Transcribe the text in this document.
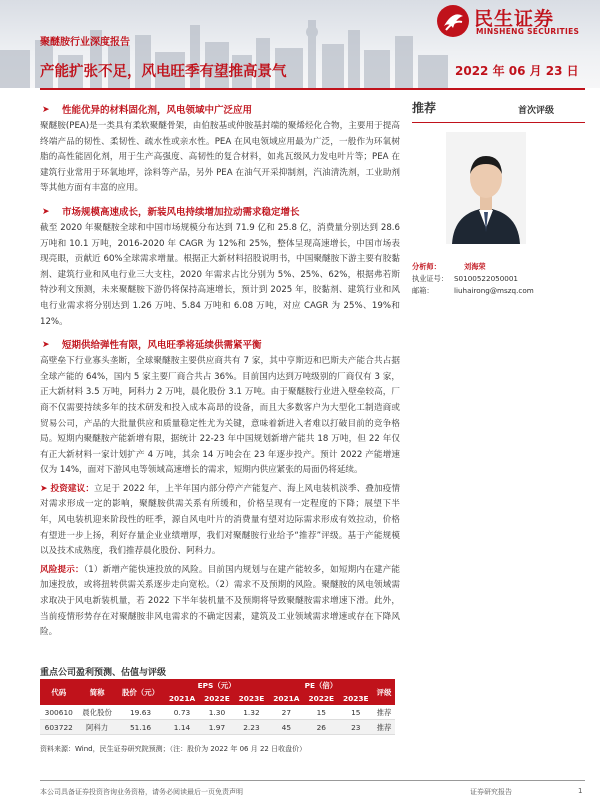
民生证券
MINSHENG SECURITIES
聚醚胺行业深度报告
产能扩张不足，风电旺季有望推高景气	2022 年 06 月 23 日
➤ 性能优异的材料固化剂，风电领域中广泛应用
聚醚胺(PEA)是一类具有柔软聚醚骨架，由伯胺基或仲胺基封端的聚烯烃化合物，主要用于提高终端产品的韧性、柔韧性、疏水性或亲水性。PEA 在风电领域应用最为广泛，一般作为环氧树脂的高性能固化剂，用于生产高强度、高韧性的复合材料，如兆瓦级风力发电叶片等；PEA 在建筑行业常用于环氧地坪，涂料等产品，另外 PEA 在油气开采抑制剂，汽油清洗剂，工业助剂等其他方面有丰富的应用。
➤ 市场规模高速成长，新装风电持续增加拉动需求稳定增长
截至 2020 年聚醚胺全球和中国市场规模分布达到 71.9 亿和 25.8 亿，消费量分别达到 28.6 万吨和 10.1 万吨，2016-2020 年 CAGR 为 12%和 25%，整体呈现高速增长，中国市场表现亮眼，贡献近 60%全球需求增量。根据正大新材料招股说明书，中国聚醚胺下游主要有胶黏剂、建筑行业和风电行业三大支柱，2020 年需求占比分别为 5%、25%、62%，根据弗若斯特沙利文预测，未来聚醚胺下游仍将保持高速增长，预计到 2025 年，胶黏剂、建筑行业和风电行业需求将分别达到 1.26 万吨、5.84 万吨和 6.08 万吨，对应 CAGR 为 25%、19%和 12%。
➤ 短期供给弹性有限，风电旺季将延续供需紧平衡
高壁垒下行业寡头垄断，全球聚醚胺主要供应商共有 7 家，其中亨斯迈和巴斯夫产能合共占据全球产能的 64%，国内 5 家主要厂商合共占 36%。目前国内达到万吨级别的厂商仅有 3 家，正大新材料 3.5 万吨，阿科力 2 万吨，晨化股份 3.1 万吨。由于聚醚胺行业进入壁垒较高，厂商不仅需要持续多年的技术研发和投入成本高昂的设备，而且大多数客户为大型化工制造商或贸易公司，产品的大批量供应和质量稳定性尤为关键，意味着新进入者难以打破目前的竞争格局。短期内聚醚胺产能新增有限，据统计 22-23 年中国规划新增产能共 18 万吨，但 22 年仅有正大新材料一家计划扩产 4 万吨，其余 14 万吨会在 23 年逐步投产。预计 2022 产能增速仅为 14%，面对下游风电等领域高速增长的需求，短期内供应紧张的局面仍将延续。
➤ 投资建议：立足于 2022 年，上半年国内部分停产产能复产、海上风电装机淡季、叠加疫情对需求形成一定的影响，聚醚胺供需关系有所缓和，价格呈现有一定程度的下降；展望下半年，风电装机迎来阶段性的旺季，源自风电叶片的消费量有望对边际需求形成有效拉动，价格有望进一步上扬，利好存量企业业绩增厚，我们对聚醚胺行业给予“推荐”评级。基于产能规模以及技术成熟度，我们推荐晨化股份、阿科力。
风险提示：（1）新增产能快速投放的风险。目前国内规划与在建产能较多，如短期内在建产能加速投放，或将扭转供需关系逐步走向宽松。（2）需求不及预期的风险。聚醚胺的风电领域需求取决于风电新装机量，若 2022 下半年装机量不及预期将导致聚醚胺需求增速下滑。此外，当前疫情形势存在对聚醚胺非风电需求的不确定因素，建筑及工业领域需求增速或存在下降风险。
重点公司盈利预测、估值与评级
代码	简称	股价（元）	EPS（元）			PE（倍）			评级
			2021A	2022E	2023E	2021A	2022E	2023E	
300610	晨化股份	19.63	0.73	1.30	1.32	27	15	15	推荐
603722	阿科力	51.16	1.14	1.97	2.23	45	26	23	推荐
资料来源：Wind，民生证券研究院预测；（注：股价为 2022 年 06 月 22 日收盘价）
推荐	首次评级
分析师：	刘海荣
执业证号： S0100522050001
邮箱：	liuhairong@mszq.com
本公司具备证券投资咨询业务资格，请务必阅读最后一页免责声明	证券研究报告	1
